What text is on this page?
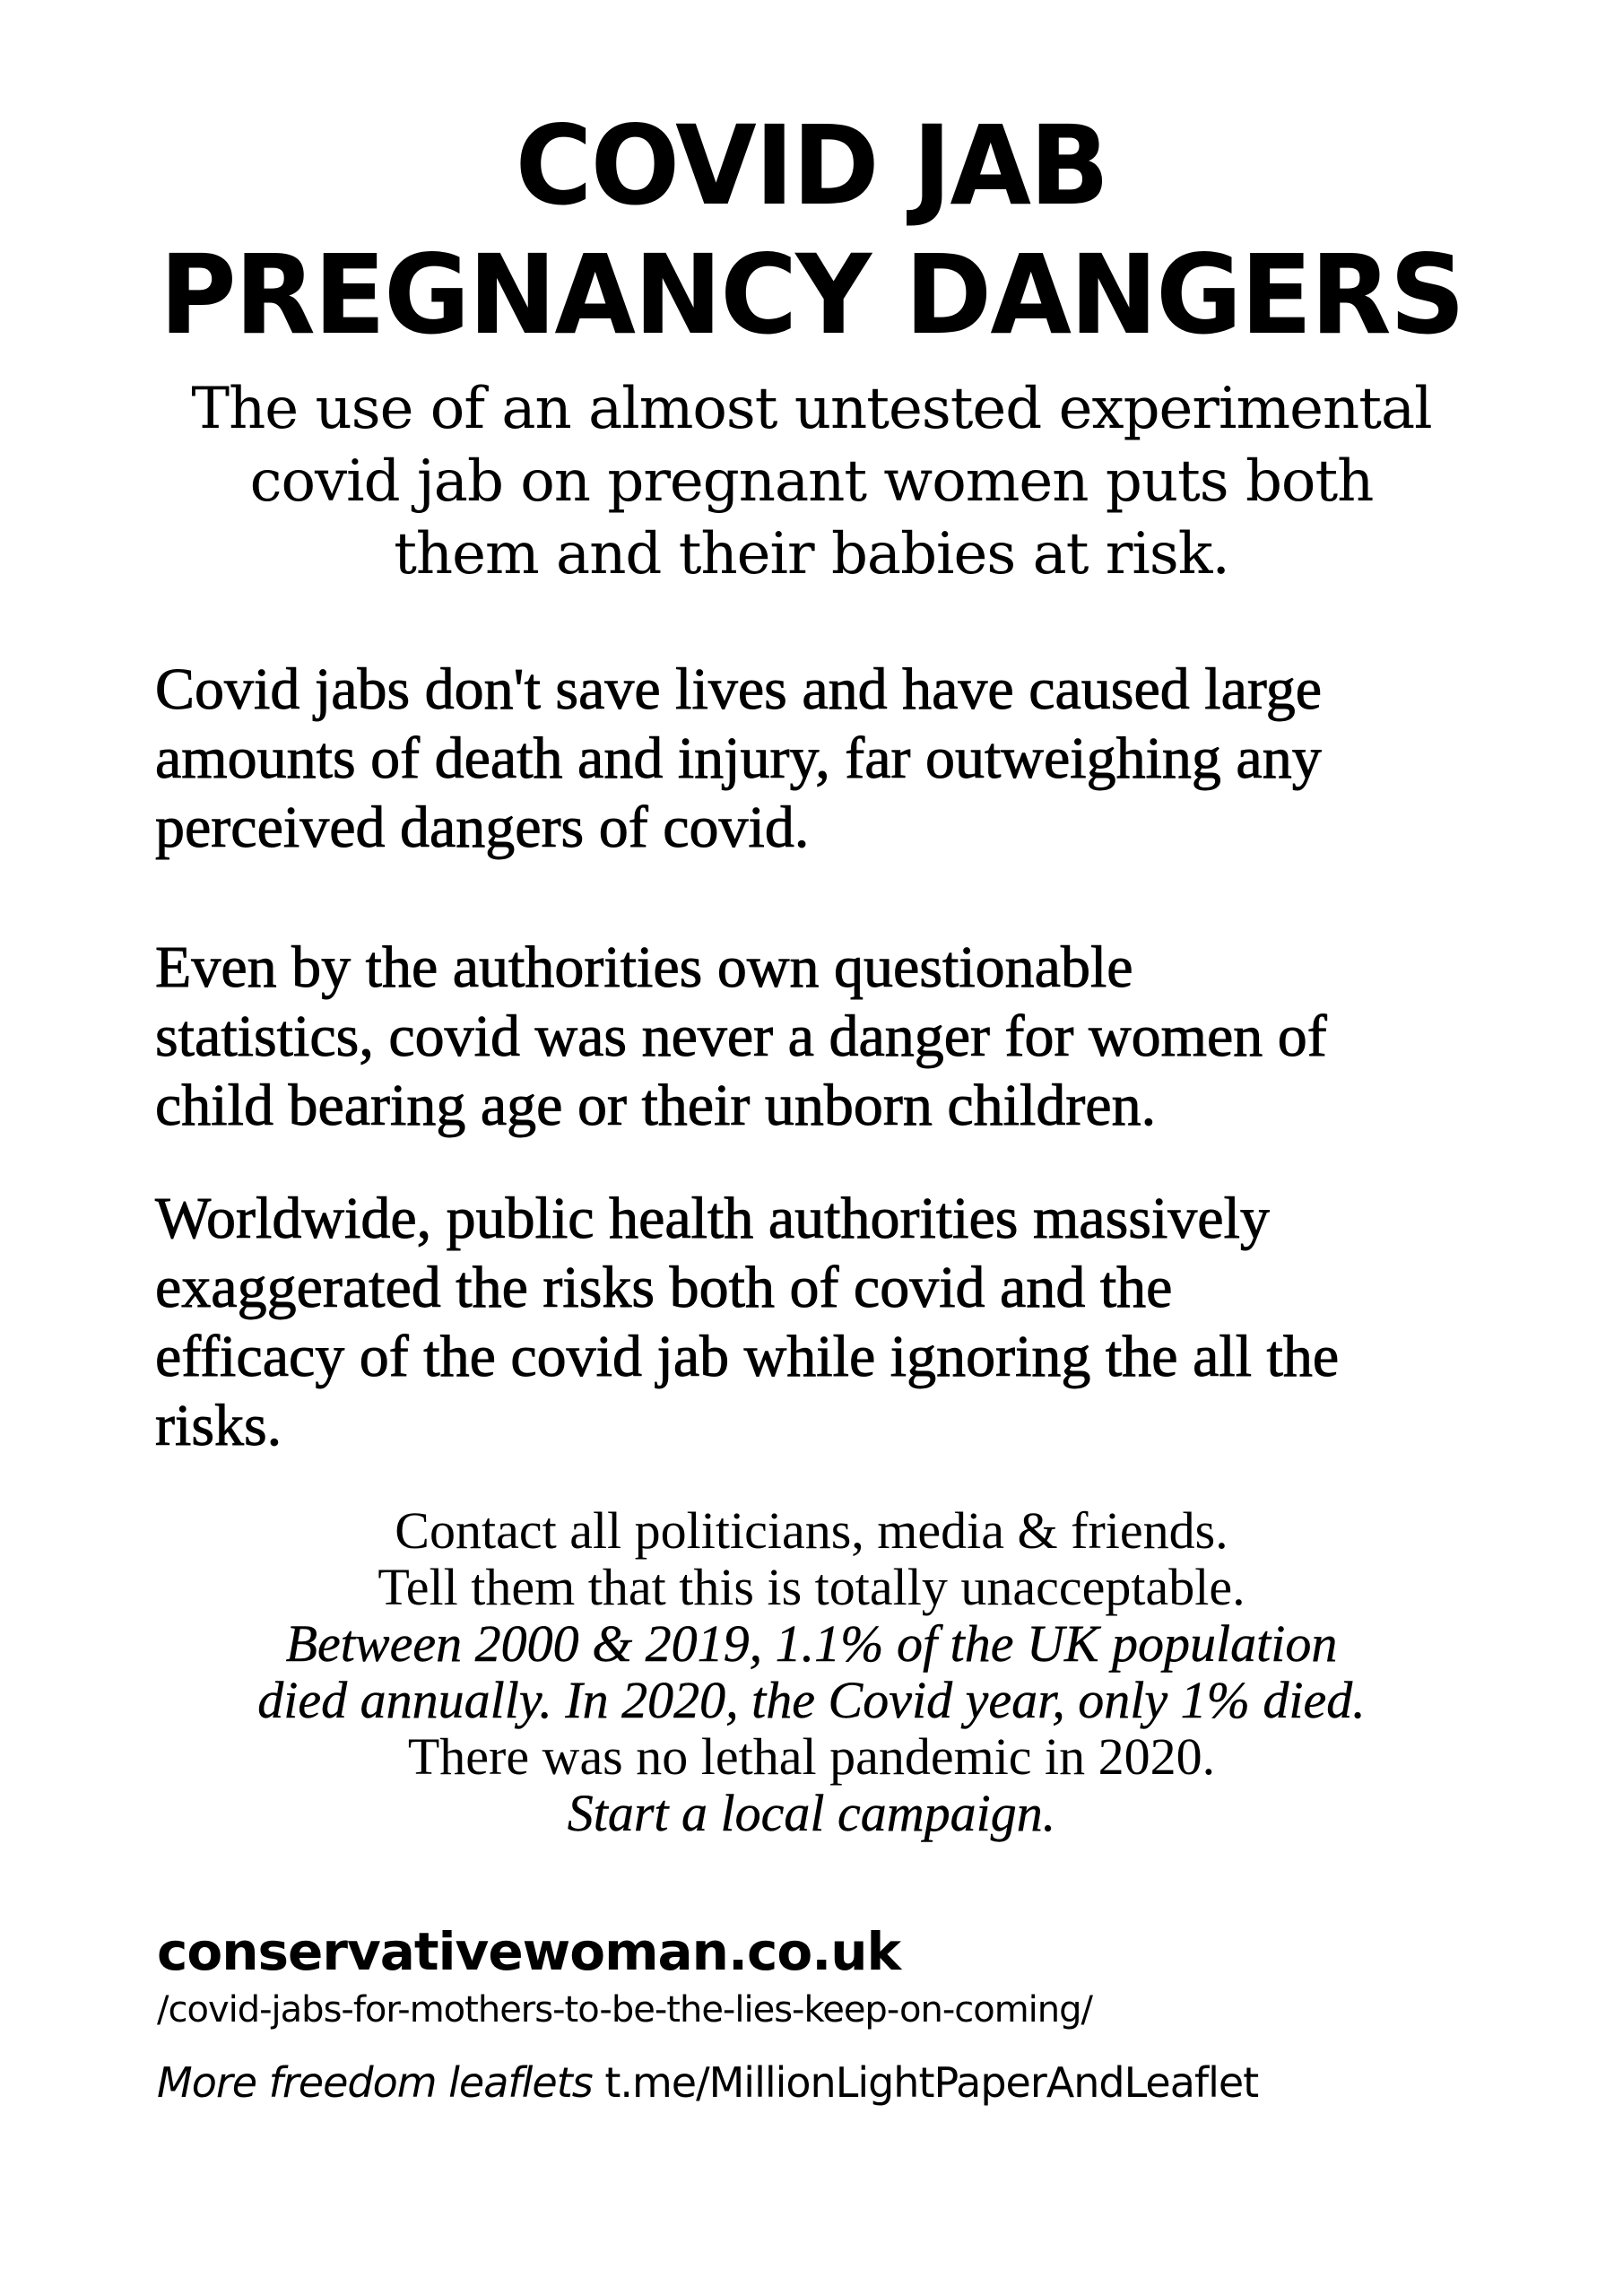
COVID JAB
PREGNANCY DANGERS
The use of an almost untested experimental
covid jab on pregnant women puts both
them and their babies at risk.
Covid jabs don't save lives and have caused large
amounts of death and injury, far outweighing any
perceived dangers of covid.
Even by the authorities own questionable
statistics, covid was never a danger for women of
child bearing age or their unborn children.
Worldwide, public health authorities massively
exaggerated the risks both of covid and the
efficacy of the covid jab while ignoring the all the
risks.
Contact all politicians, media & friends.
Tell them that this is totally unacceptable.
Between 2000 & 2019, 1.1% of the UK population
died annually. In 2020, the Covid year, only 1% died.
There was no lethal pandemic in 2020.
Start a local campaign.
conservativewoman.co.uk
/covid-jabs-for-mothers-to-be-the-lies-keep-on-coming/
More freedom leaflets t.me/MillionLightPaperAndLeaflet
